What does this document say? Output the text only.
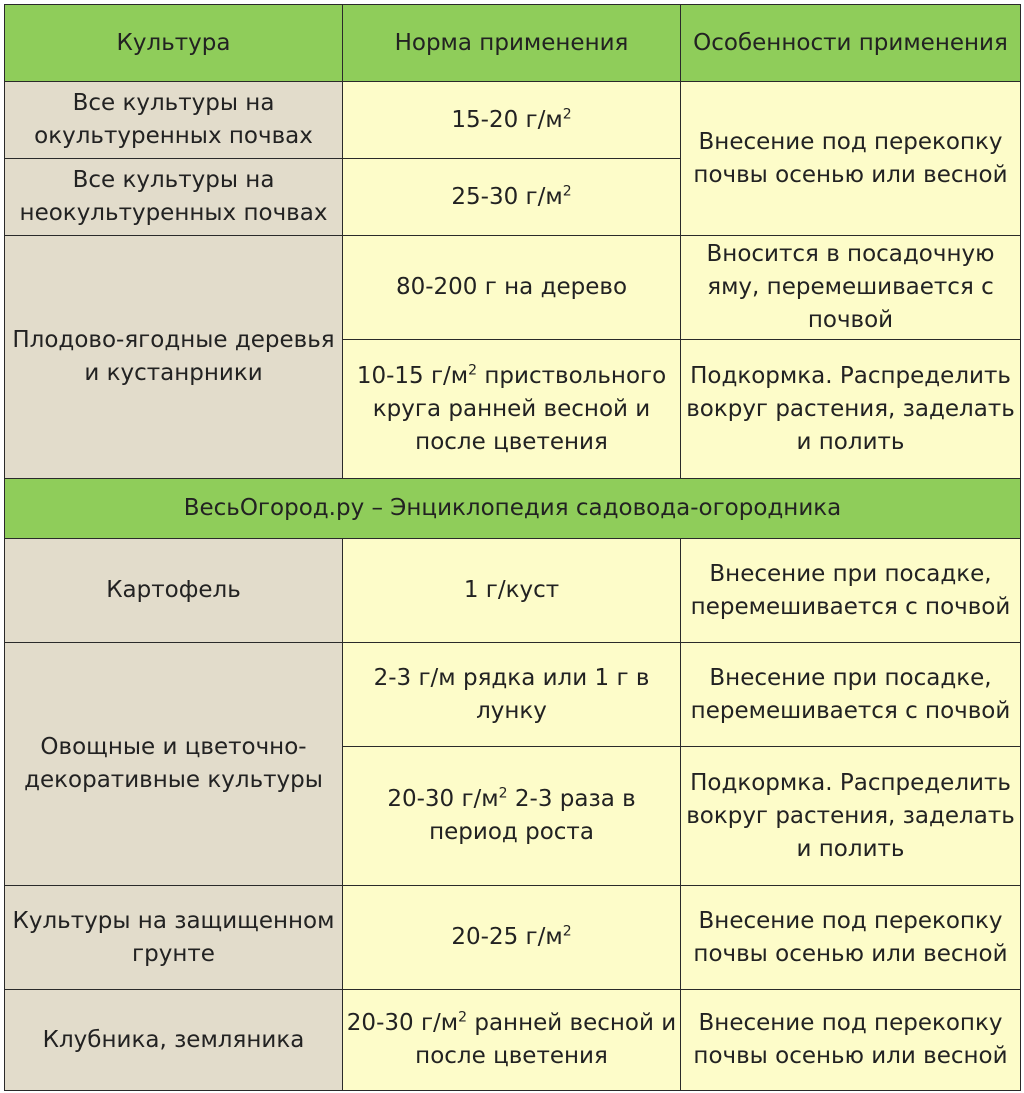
Культура	Норма применения	Особенности применения
Все культуры на окультуренных почвах	15-20 $г/м^2$	Внесение под перекопку почвы осенью или весной
Все культуры на неокультуренных почвах	25-30 $г/м^2$
Плодово-ягодные деревья и кустанрники	80-200 г на дерево	Вносится в посадочную яму, перемешивается с почвой
	10-15 $г/м^2$ приствольного круга ранней весной и после цветения	Подкормка. Распределить вокруг растения, заделать и полить
ВесьОгород.ру – Энциклопедия садовода-огородника		
Картофель	1 г/куст	Внесение при посадке, перемешивается с почвой
Овощные и цветочно-декоративные культуры	2-3 г/м рядка или 1 г в лунку	Внесение при посадке, перемешивается с почвой
	20-30 $г/м^2$ 2-3 раза в период роста	Подкормка. Распределить вокруг растения, заделать и полить
Культуры на защищенном грунте	20-25 $г/м^2$	Внесение под перекопку почвы осенью или весной
Клубника, земляника	20-30 $г/м^2$ ранней весной и после цветения	Внесение под перекопку почвы осенью или весной
